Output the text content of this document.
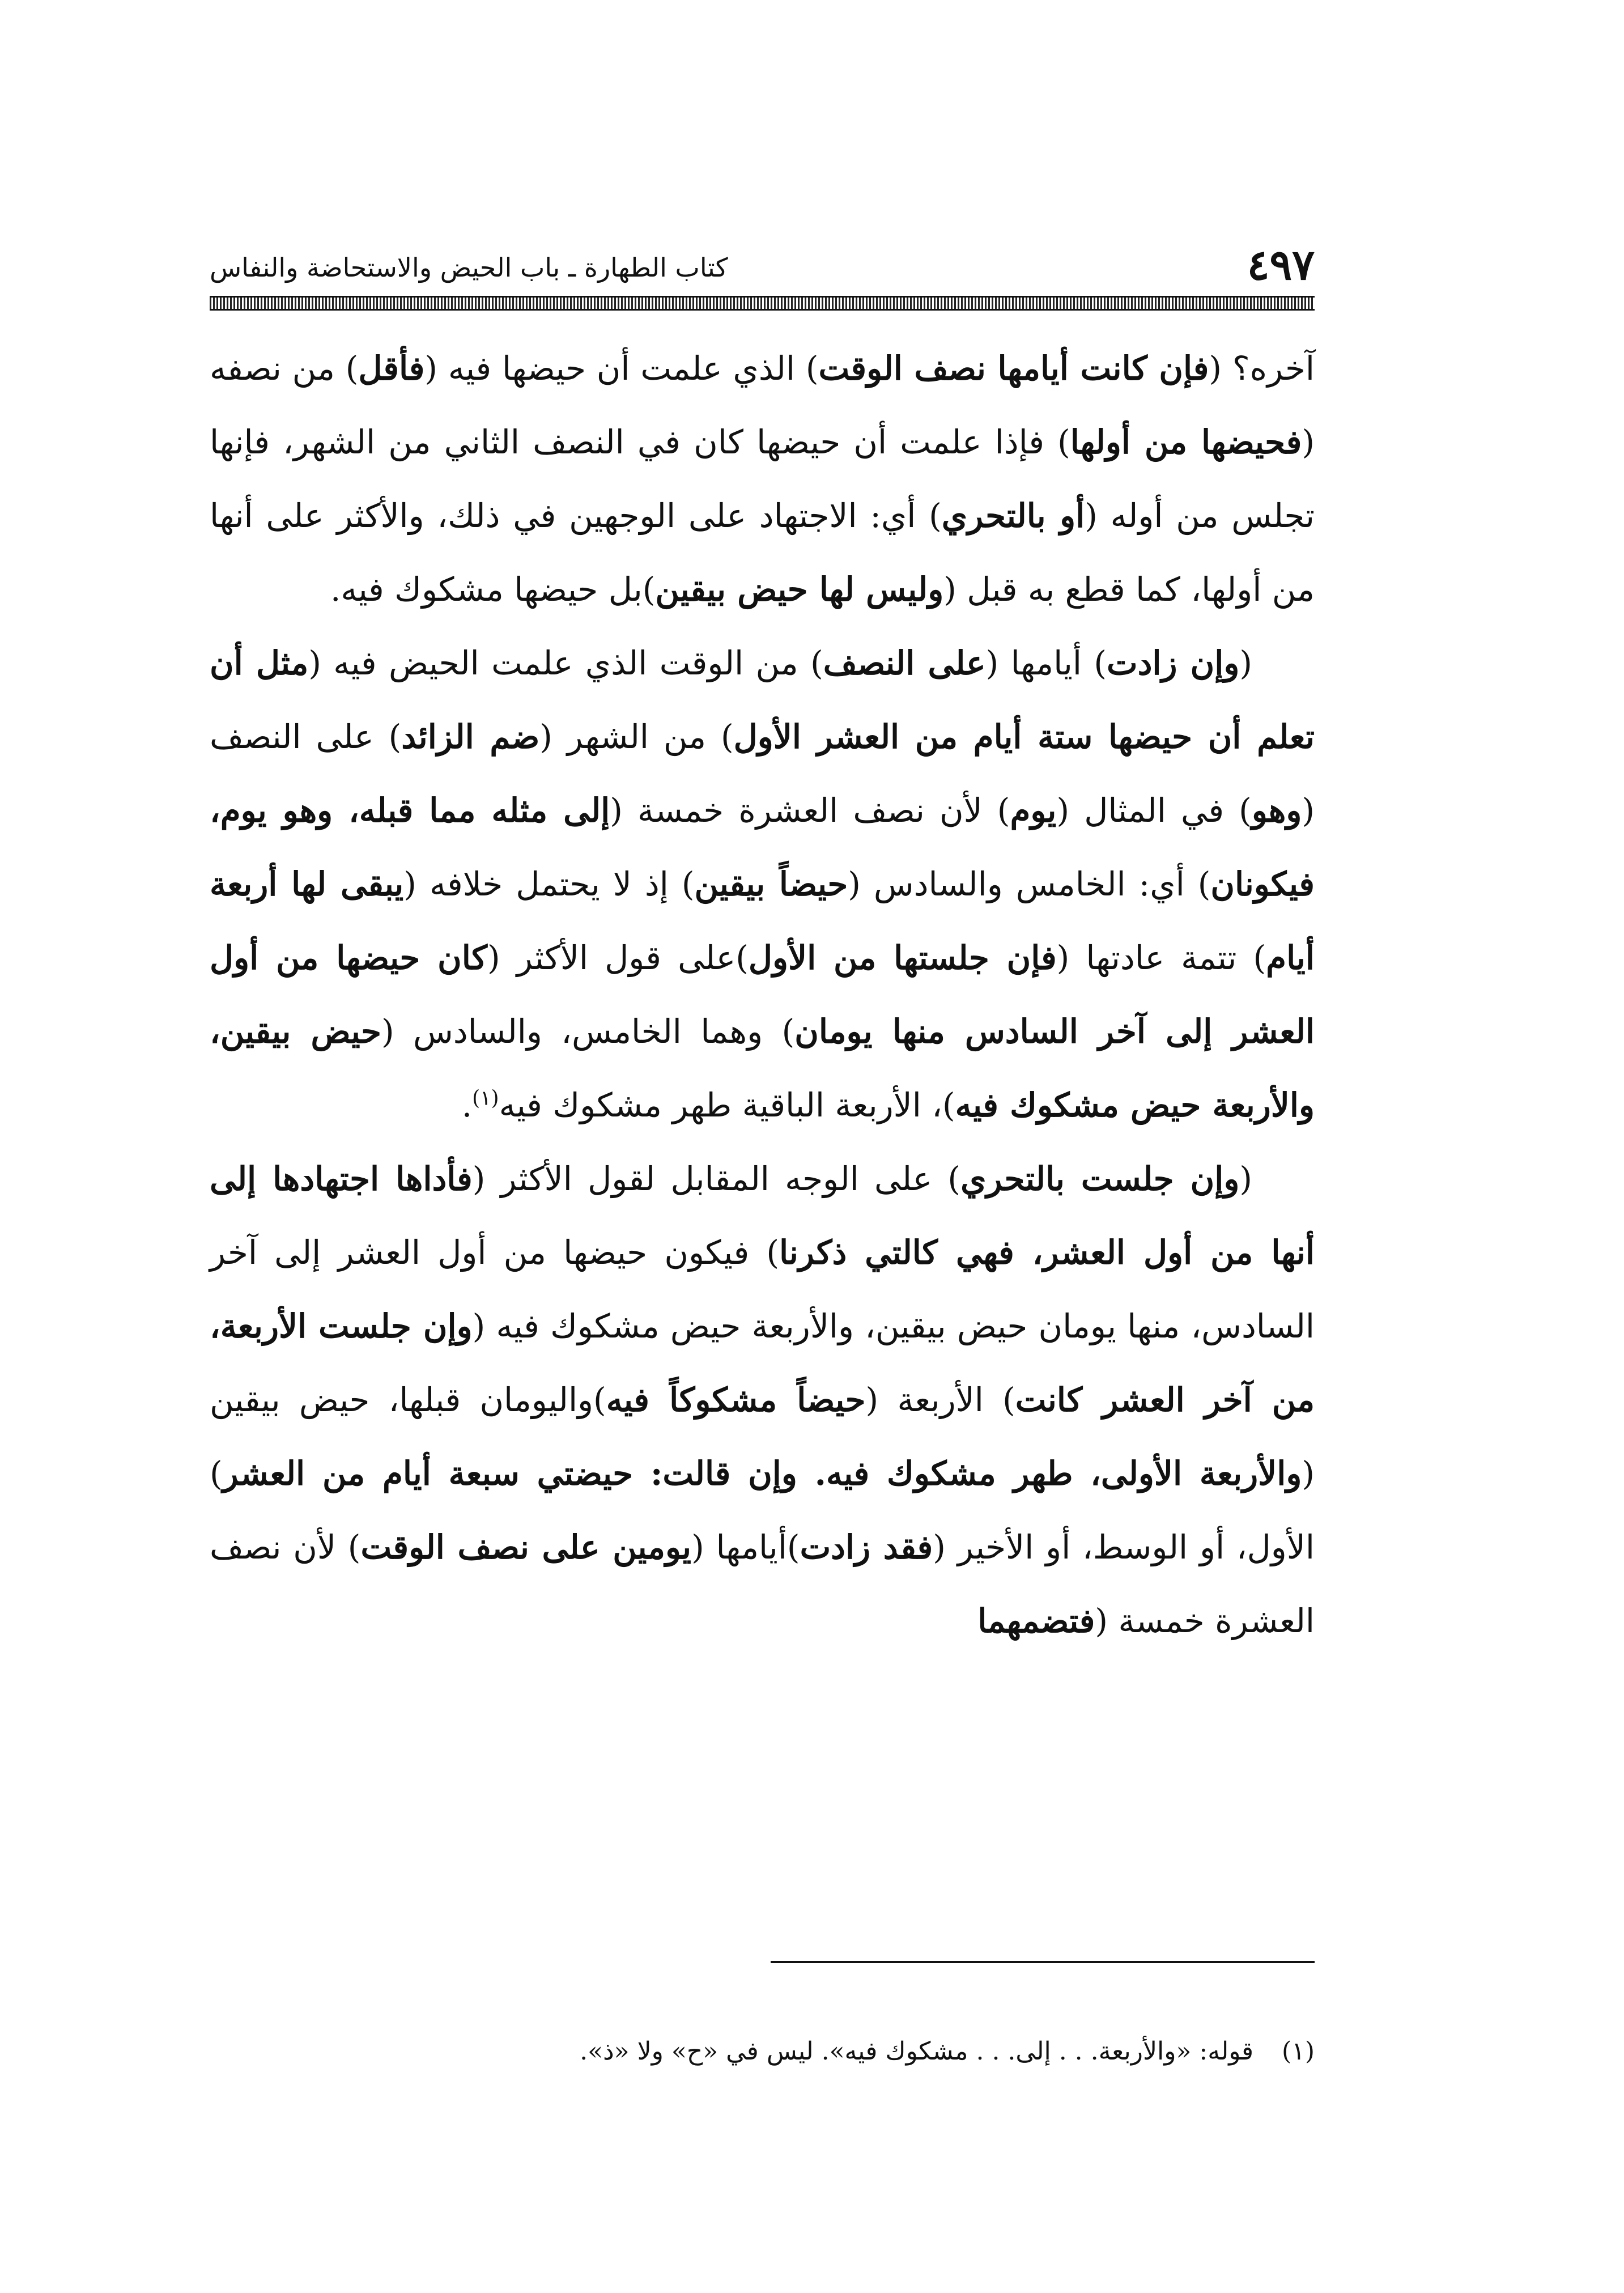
٤٩٧
كتاب الطهارة ـ باب الحيض والاستحاضة والنفاس

آخره؟ (فإن كانت أيامها نصف الوقت) الذي علمت أن حيضها فيه (فأقل) من نصفه (فحيضها من أولها) فإذا علمت أن حيضها كان في النصف الثاني من الشهر، فإنها تجلس من أوله (أو بالتحري) أي: الاجتهاد على الوجهين في ذلك، والأكثر على أنها من أولها، كما قطع به قبل (وليس لها حيض بيقين)بل حيضها مشكوك فيه.

(وإن زادت) أيامها (على النصف) من الوقت الذي علمت الحيض فيه (مثل أن تعلم أن حيضها ستة أيام من العشر الأول) من الشهر (ضم الزائد) على النصف (وهو) في المثال (يوم) لأن نصف العشرة خمسة (إلى مثله مما قبله، وهو يوم، فيكونان) أي: الخامس والسادس (حيضاً بيقين) إذ لا يحتمل خلافه (يبقى لها أربعة أيام) تتمة عادتها (فإن جلستها من الأول)على قول الأكثر (كان حيضها من أول العشر إلى آخر السادس منها يومان) وهما الخامس، والسادس (حيض بيقين، والأربعة حيض مشكوك فيه)، الأربعة الباقية طهر مشكوك فيه$^{(١)}$.

(وإن جلست بالتحري) على الوجه المقابل لقول الأكثر (فأداها اجتهادها إلى أنها من أول العشر، فهي كالتي ذكرنا) فيكون حيضها من أول العشر إلى آخر السادس، منها يومان حيض بيقين، والأربعة حيض مشكوك فيه (وإن جلست الأربعة، من آخر العشر كانت) الأربعة (حيضاً مشكوكاً فيه)واليومان قبلها، حيض بيقين (والأربعة الأولى، طهر مشكوك فيه. وإن قالت: حيضتي سبعة أيام من العشر) الأول، أو الوسط، أو الأخير (فقد زادت)أيامها (يومين على نصف الوقت) لأن نصف العشرة خمسة (فتضمهما

(١)قوله: «والأربعة. . . إلى. . . مشكوك فيه». ليس في «ح» ولا «ذ».
